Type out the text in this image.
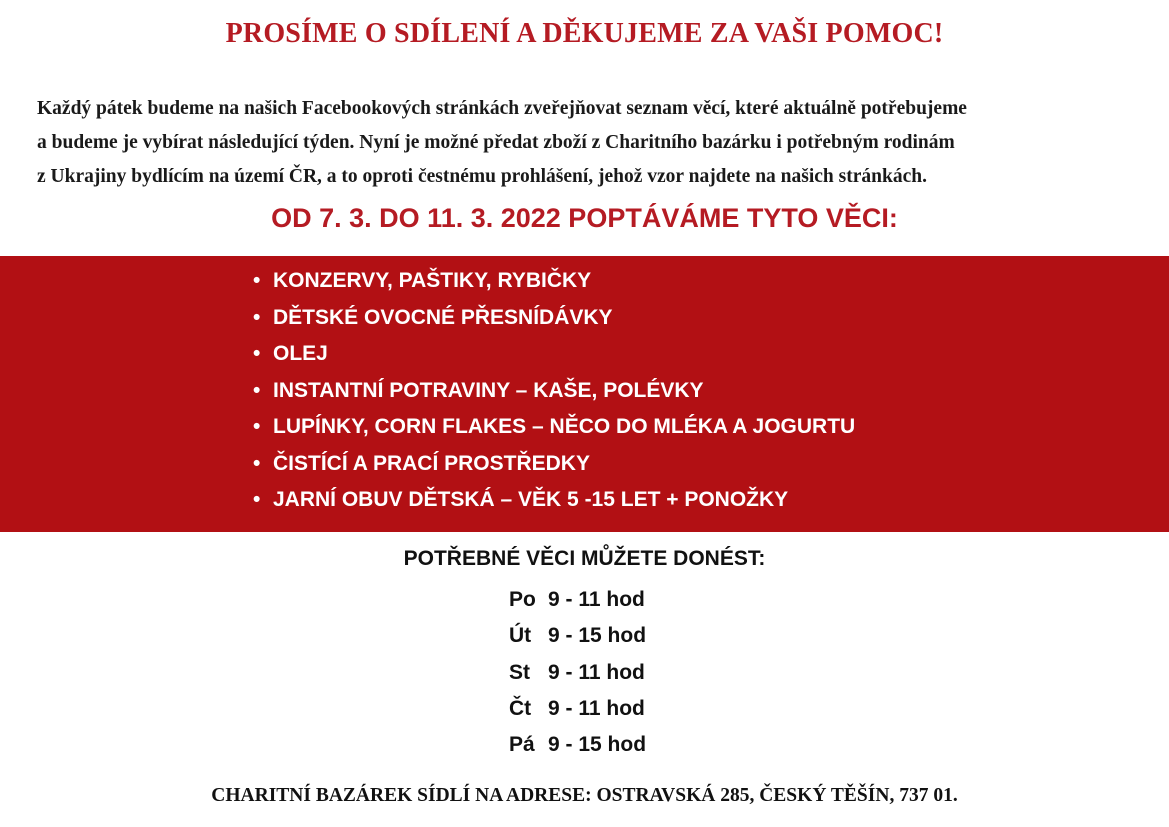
PROSÍME O SDÍLENÍ A DĚKUJEME ZA VAŠI POMOC!

Každý pátek budeme na našich Facebookových stránkách zveřejňovat seznam věcí, které aktuálně potřebujeme

a budeme je vybírat následující týden. Nyní je možné předat zboží z Charitního bazárku i potřebným rodinám

z Ukrajiny bydlícím na území ČR, a to oproti čestnému prohlášení, jehož vzor najdete na našich stránkách.

OD 7. 3. DO 11. 3. 2022 POPTÁVÁME TYTO VĚCI:
• KONZERVY, PAŠTIKY, RYBIČKY
• DĚTSKÉ OVOCNÉ PŘESNÍDÁVKY
• OLEJ
• INSTANTNÍ POTRAVINY – KAŠE, POLÉVKY
• LUPÍNKY, CORN FLAKES – NĚCO DO MLÉKA A JOGURTU
• ČISTÍCÍ A PRACÍ PROSTŘEDKY
• JARNÍ OBUV DĚTSKÁ – VĚK 5 -15 LET + PONOŽKY
POTŘEBNÉ VĚCI MŮŽETE DONÉST:
Po 9 - 11 hod
Út 9 - 15 hod
St 9 - 11 hod
Čt 9 - 11 hod
Pá 9 - 15 hod
CHARITNÍ BAZÁREK SÍDLÍ NA ADRESE: OSTRAVSKÁ 285, ČESKÝ TĚŠÍN, 737 01.
